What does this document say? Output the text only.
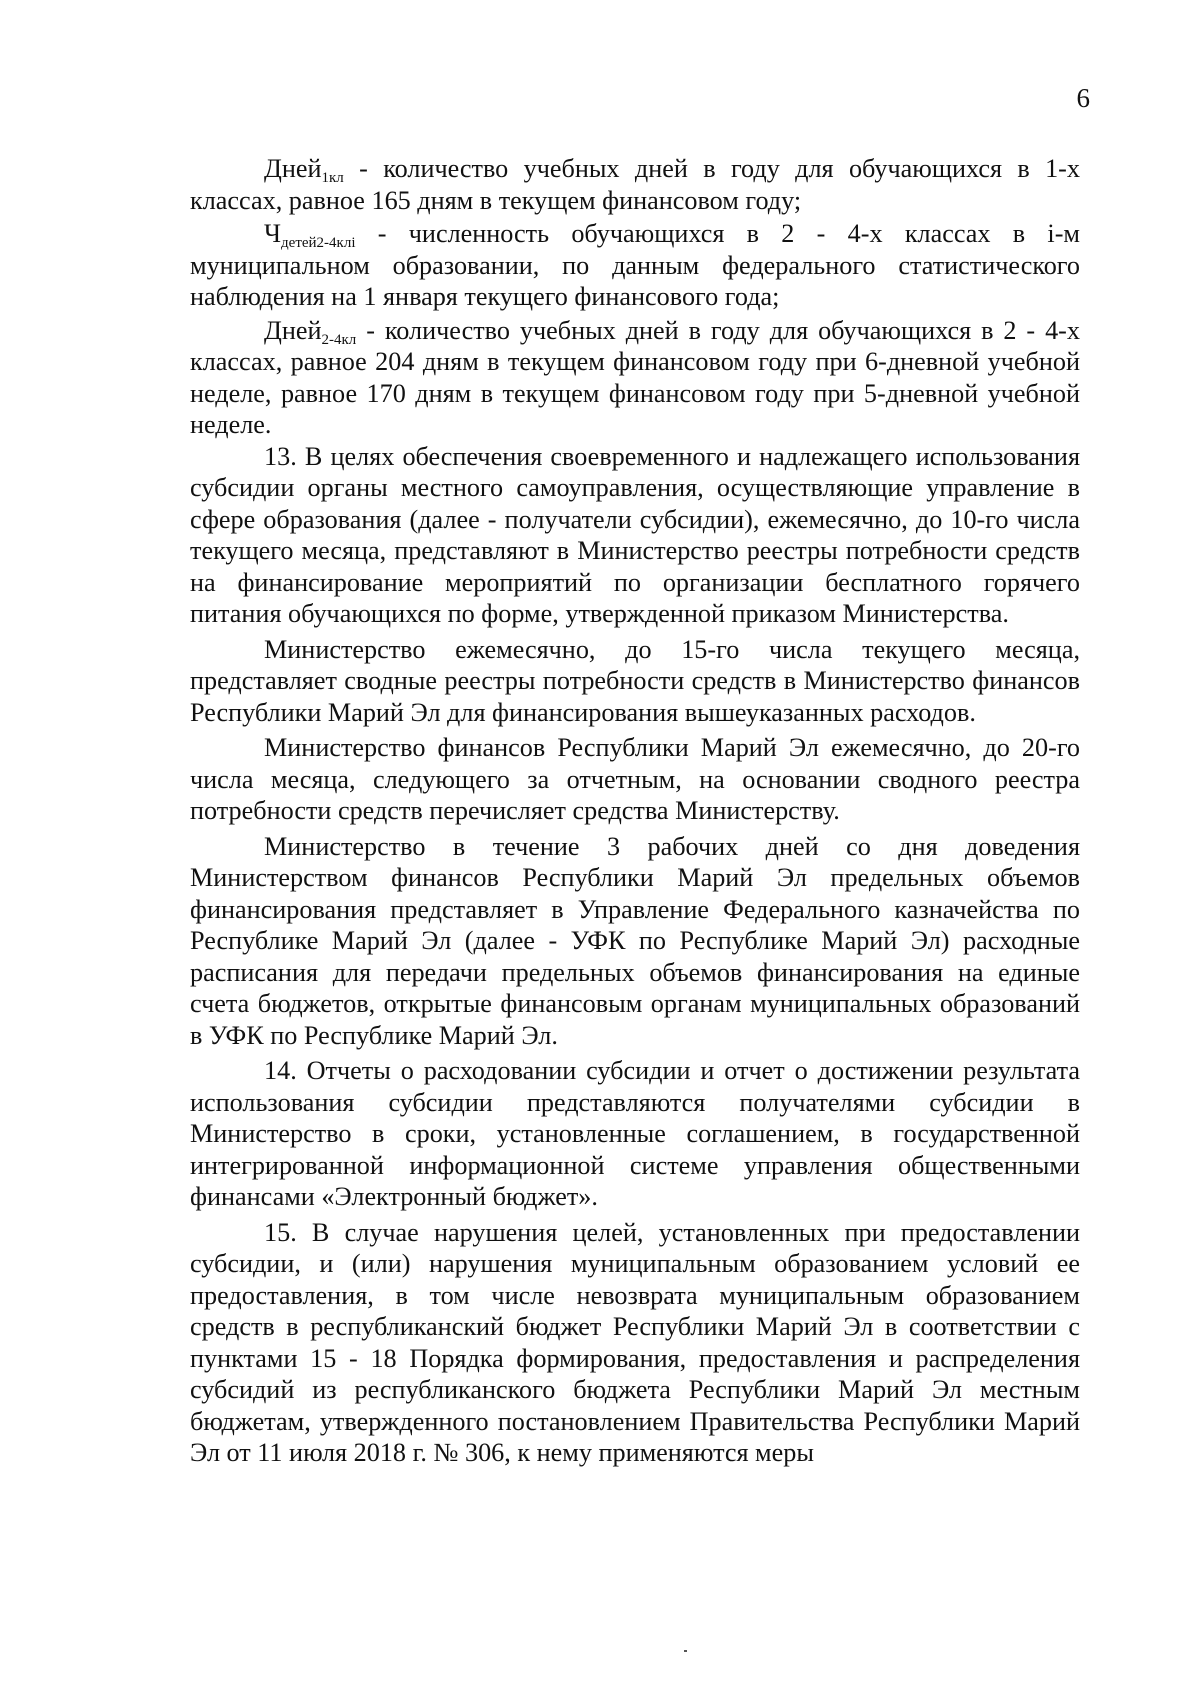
6

Дней$_{1кл}$ - количество учебных дней в году для обучающихся в 1-х классах, равное 165 дням в текущем финансовом году;

$Ч_{детей2-4клi}$ - численность обучающихся в 2 - 4-х классах в i-м муниципальном образовании, по данным федерального статистического наблюдения на 1 января текущего финансового года;

Дней$_{2-4кл}$ - количество учебных дней в году для обучающихся в 2 - 4-х классах, равное 204 дням в текущем финансовом году при 6-дневной учебной неделе, равное 170 дням в текущем финансовом году при 5-дневной учебной неделе.

13. В целях обеспечения своевременного и надлежащего использования субсидии органы местного самоуправления, осуществляющие управление в сфере образования (далее - получатели субсидии), ежемесячно, до 10-го числа текущего месяца, представляют в Министерство реестры потребности средств на финансирование мероприятий по организации бесплатного горячего питания обучающихся по форме, утвержденной приказом Министерства.

Министерство ежемесячно, до 15-го числа текущего месяца, представляет сводные реестры потребности средств в Министерство финансов Республики Марий Эл для финансирования вышеуказанных расходов.

Министерство финансов Республики Марий Эл ежемесячно, до 20-го числа месяца, следующего за отчетным, на основании сводного реестра потребности средств перечисляет средства Министерству.

Министерство в течение 3 рабочих дней со дня доведения Министерством финансов Республики Марий Эл предельных объемов финансирования представляет в Управление Федерального казначейства по Республике Марий Эл (далее - УФК по Республике Марий Эл) расходные расписания для передачи предельных объемов финансирования на единые счета бюджетов, открытые финансовым органам муниципальных образований в УФК по Республике Марий Эл.

14. Отчеты о расходовании субсидии и отчет о достижении результата использования субсидии представляются получателями субсидии в Министерство в сроки, установленные соглашением, в государственной интегрированной информационной системе управления общественными финансами «Электронный бюджет».

15. В случае нарушения целей, установленных при предоставлении субсидии, и (или) нарушения муниципальным образованием условий ее предоставления, в том числе невозврата муниципальным образованием средств в республиканский бюджет Республики Марий Эл в соответствии с пунктами 15 - 18 Порядка формирования, предоставления и распределения субсидий из республиканского бюджета Республики Марий Эл местным бюджетам, утвержденного постановлением Правительства Республики Марий Эл от 11 июля 2018 г. № 306, к нему применяются меры
